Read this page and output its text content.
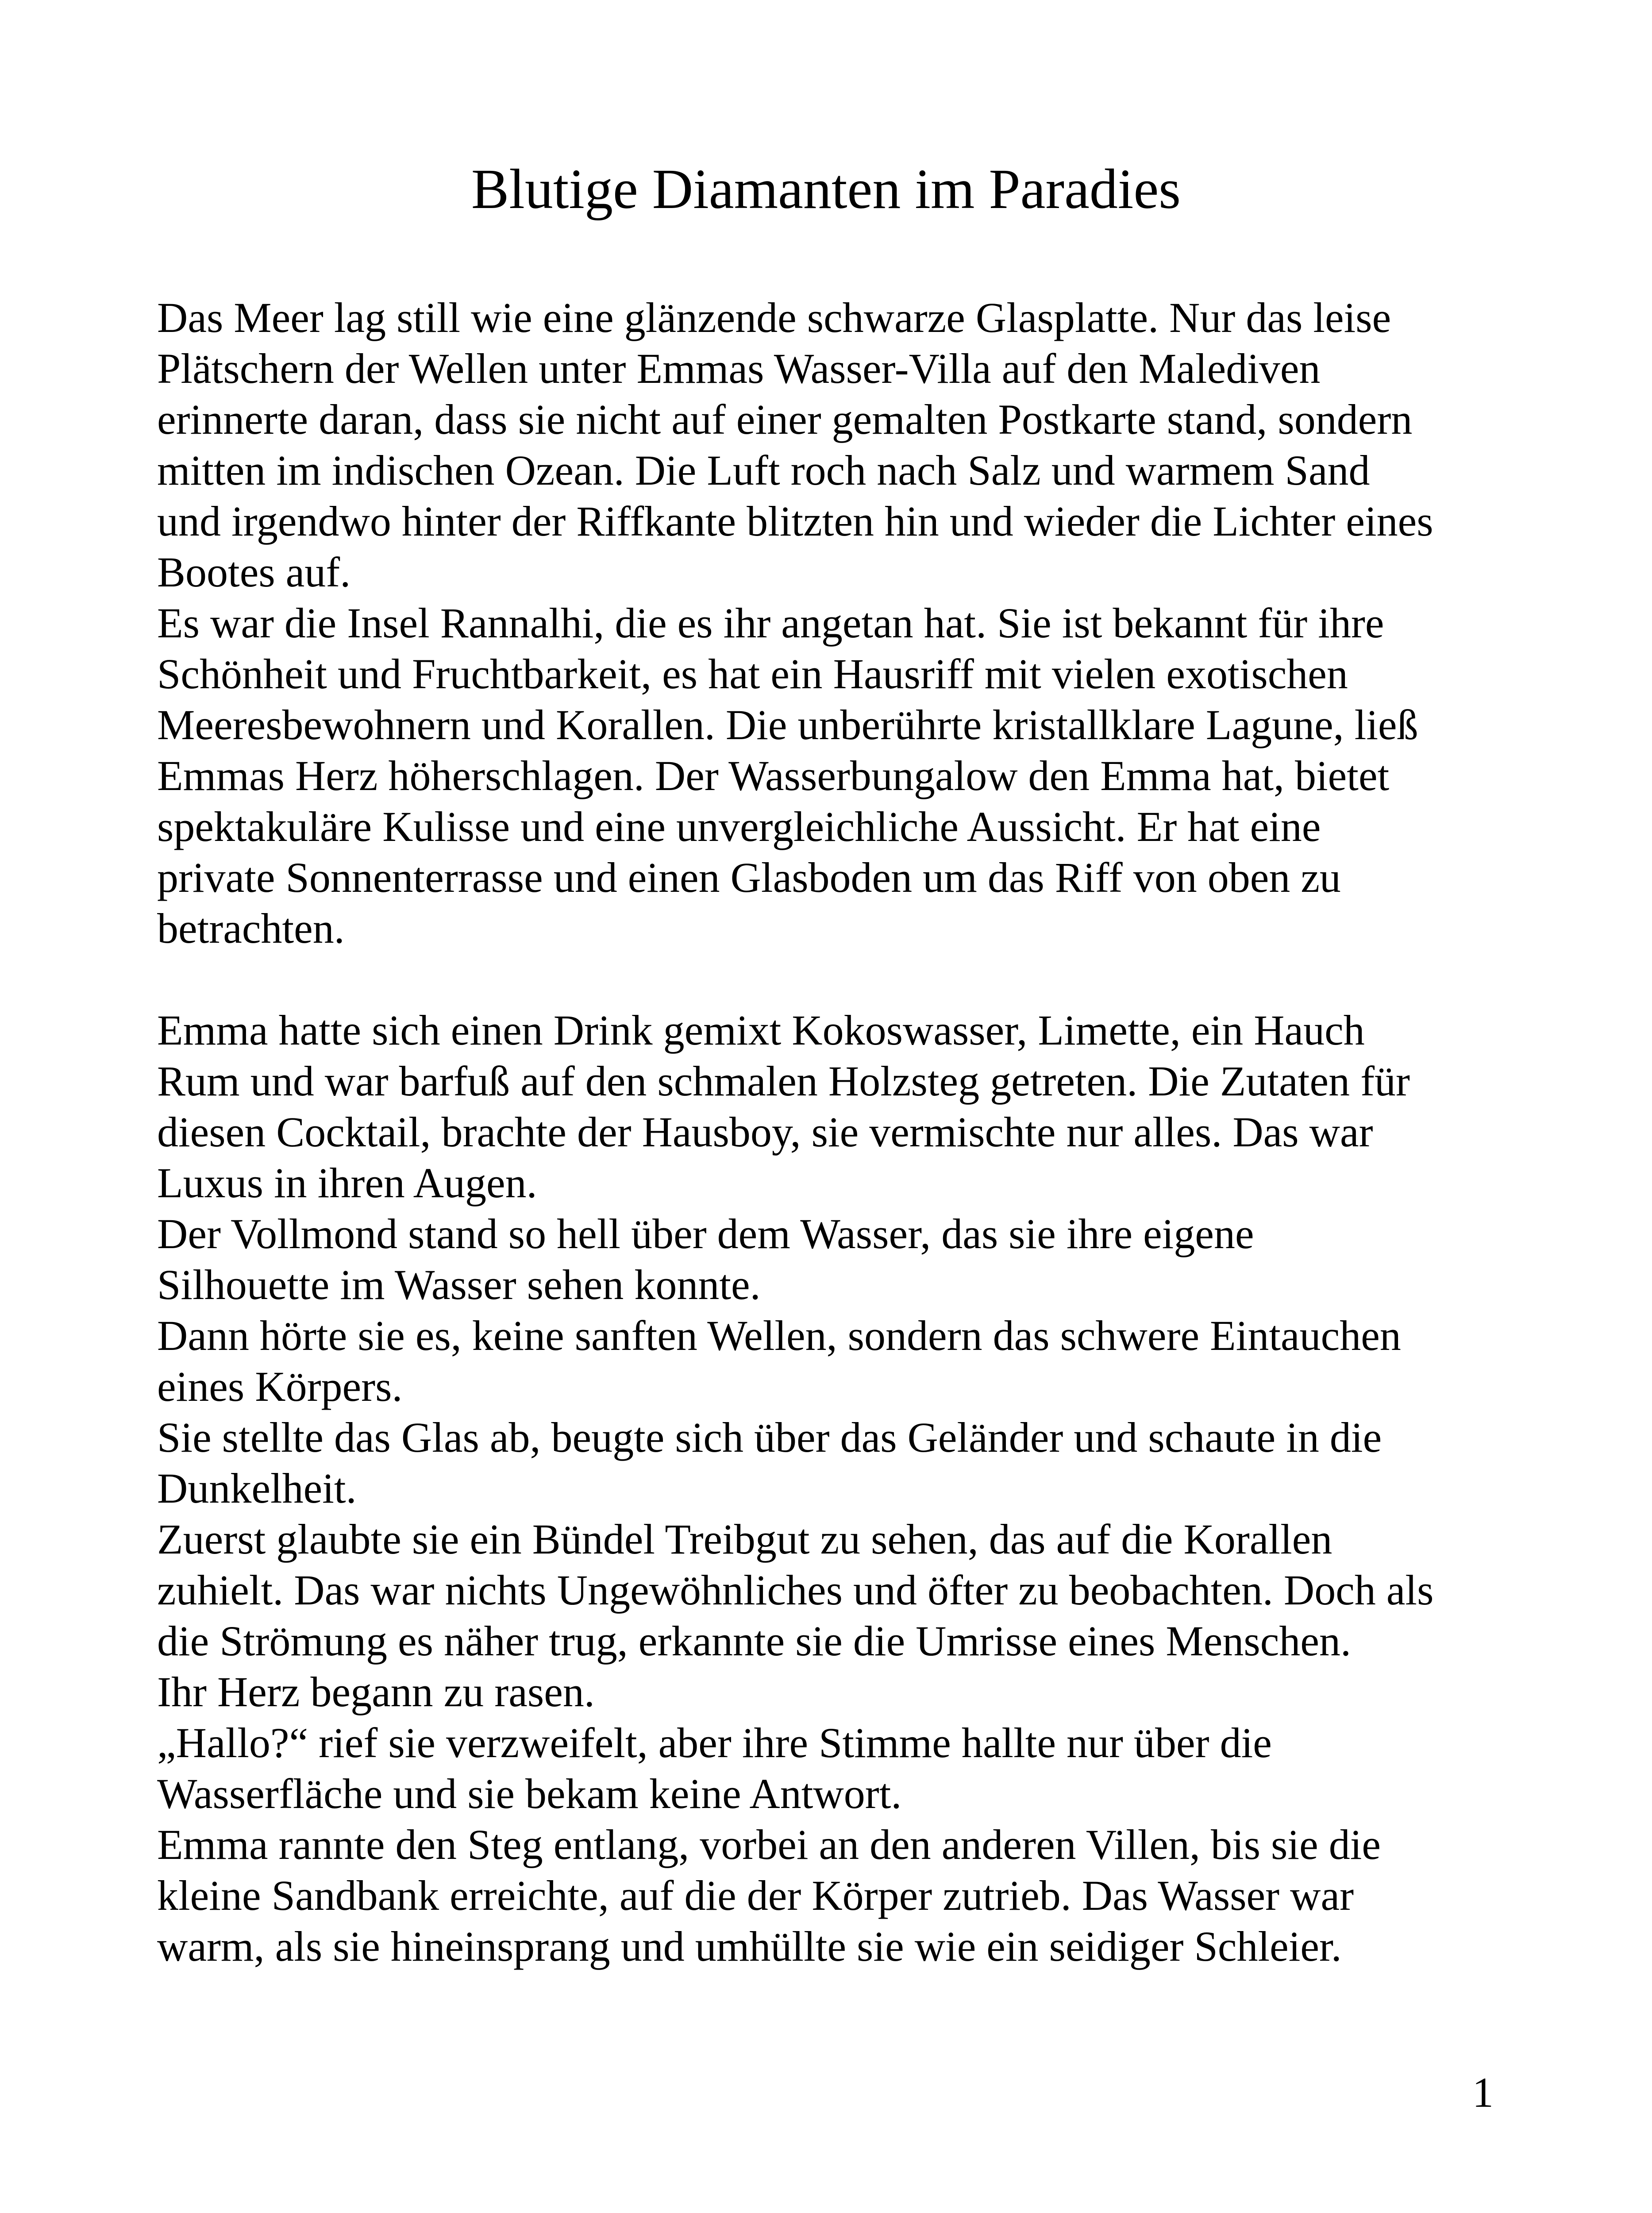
Blutige Diamanten im Paradies
Das Meer lag still wie eine glänzende schwarze Glasplatte. Nur das leise
Plätschern der Wellen unter Emmas Wasser-Villa auf den Malediven
erinnerte daran, dass sie nicht auf einer gemalten Postkarte stand, sondern
mitten im indischen Ozean. Die Luft roch nach Salz und warmem Sand
und irgendwo hinter der Riffkante blitzten hin und wieder die Lichter eines
Bootes auf.
Es war die Insel Rannalhi, die es ihr angetan hat. Sie ist bekannt für ihre
Schönheit und Fruchtbarkeit, es hat ein Hausriff mit vielen exotischen
Meeresbewohnern und Korallen. Die unberührte kristallklare Lagune, ließ
Emmas Herz höherschlagen. Der Wasserbungalow den Emma hat, bietet
spektakuläre Kulisse und eine unvergleichliche Aussicht. Er hat eine
private Sonnenterrasse und einen Glasboden um das Riff von oben zu
betrachten.
Emma hatte sich einen Drink gemixt Kokoswasser, Limette, ein Hauch
Rum und war barfuß auf den schmalen Holzsteg getreten. Die Zutaten für
diesen Cocktail, brachte der Hausboy, sie vermischte nur alles. Das war
Luxus in ihren Augen.
Der Vollmond stand so hell über dem Wasser, das sie ihre eigene
Silhouette im Wasser sehen konnte.
Dann hörte sie es, keine sanften Wellen, sondern das schwere Eintauchen
eines Körpers.
Sie stellte das Glas ab, beugte sich über das Geländer und schaute in die
Dunkelheit.
Zuerst glaubte sie ein Bündel Treibgut zu sehen, das auf die Korallen
zuhielt. Das war nichts Ungewöhnliches und öfter zu beobachten. Doch als
die Strömung es näher trug, erkannte sie die Umrisse eines Menschen.
Ihr Herz begann zu rasen.
„Hallo?“ rief sie verzweifelt, aber ihre Stimme hallte nur über die
Wasserfläche und sie bekam keine Antwort.
Emma rannte den Steg entlang, vorbei an den anderen Villen, bis sie die
kleine Sandbank erreichte, auf die der Körper zutrieb. Das Wasser war
warm, als sie hineinsprang und umhüllte sie wie ein seidiger Schleier.
1
